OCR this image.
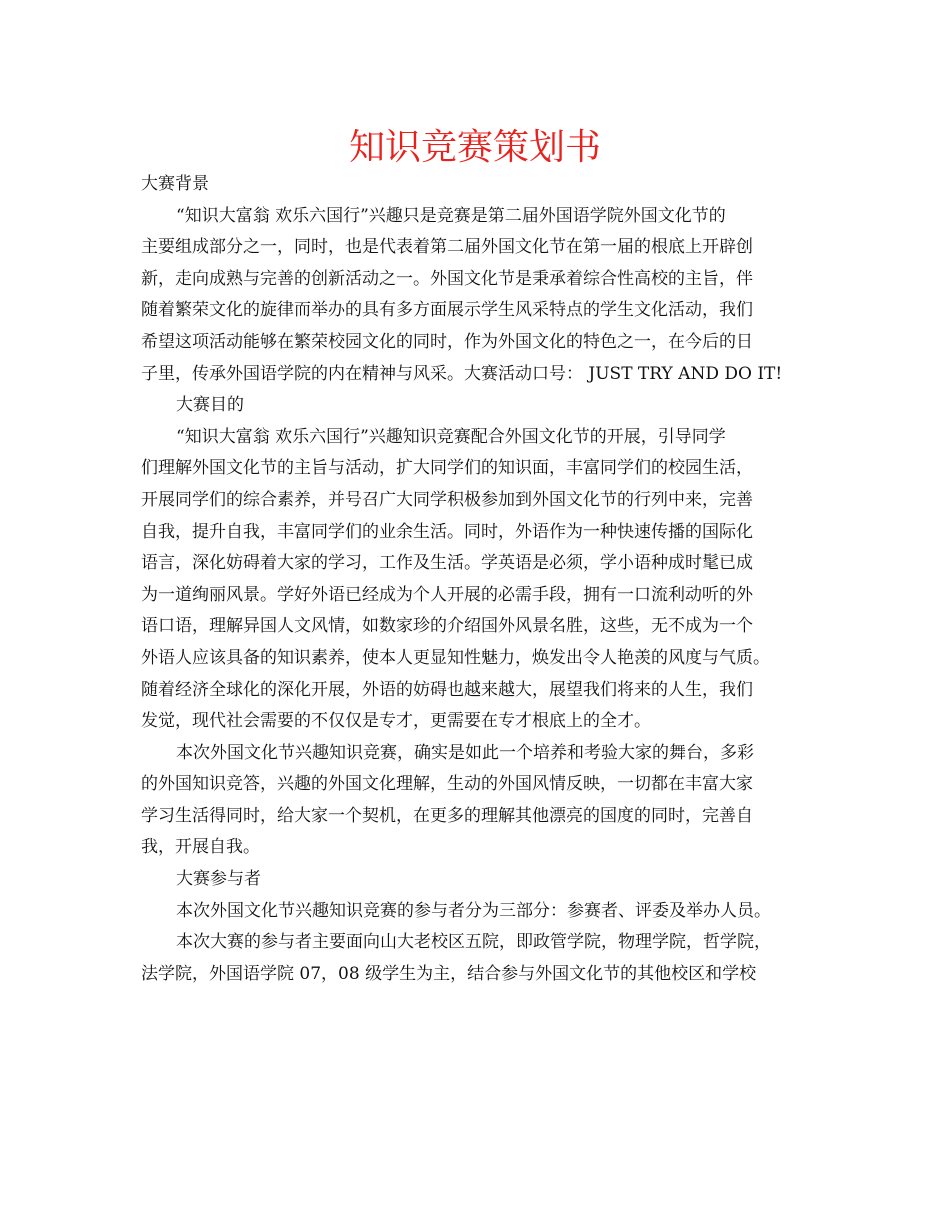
知识竞赛策划书
大赛背景
“知识大富翁 欢乐六国行”兴趣只是竞赛是第二届外国语学院外国文化节的
主要组成部分之一，同时，也是代表着第二届外国文化节在第一届的根底上开辟创
新，走向成熟与完善的创新活动之一。外国文化节是秉承着综合性高校的主旨，伴
随着繁荣文化的旋律而举办的具有多方面展示学生风采特点的学生文化活动，我们
希望这项活动能够在繁荣校园文化的同时，作为外国文化的特色之一，在今后的日
子里，传承外国语学院的内在精神与风采。大赛活动口号： JUST TRY AND DO IT!
大赛目的
“知识大富翁 欢乐六国行”兴趣知识竞赛配合外国文化节的开展，引导同学
们理解外国文化节的主旨与活动，扩大同学们的知识面，丰富同学们的校园生活，
开展同学们的综合素养，并号召广大同学积极参加到外国文化节的行列中来，完善
自我，提升自我，丰富同学们的业余生活。同时，外语作为一种快速传播的国际化
语言，深化妨碍着大家的学习，工作及生活。学英语是必须，学小语种成时髦已成
为一道绚丽风景。学好外语已经成为个人开展的必需手段，拥有一口流利动听的外
语口语，理解异国人文风情，如数家珍的介绍国外风景名胜，这些，无不成为一个
外语人应该具备的知识素养，使本人更显知性魅力，焕发出令人艳羡的风度与气质。
随着经济全球化的深化开展，外语的妨碍也越来越大，展望我们将来的人生，我们
发觉，现代社会需要的不仅仅是专才，更需要在专才根底上的全才。
本次外国文化节兴趣知识竞赛，确实是如此一个培养和考验大家的舞台，多彩
的外国知识竞答，兴趣的外国文化理解，生动的外国风情反映，一切都在丰富大家
学习生活得同时，给大家一个契机，在更多的理解其他漂亮的国度的同时，完善自
我，开展自我。
大赛参与者
本次外国文化节兴趣知识竞赛的参与者分为三部分：参赛者、评委及举办人员。
本次大赛的参与者主要面向山大老校区五院，即政管学院，物理学院，哲学院，
法学院，外国语学院 07，08 级学生为主，结合参与外国文化节的其他校区和学校
